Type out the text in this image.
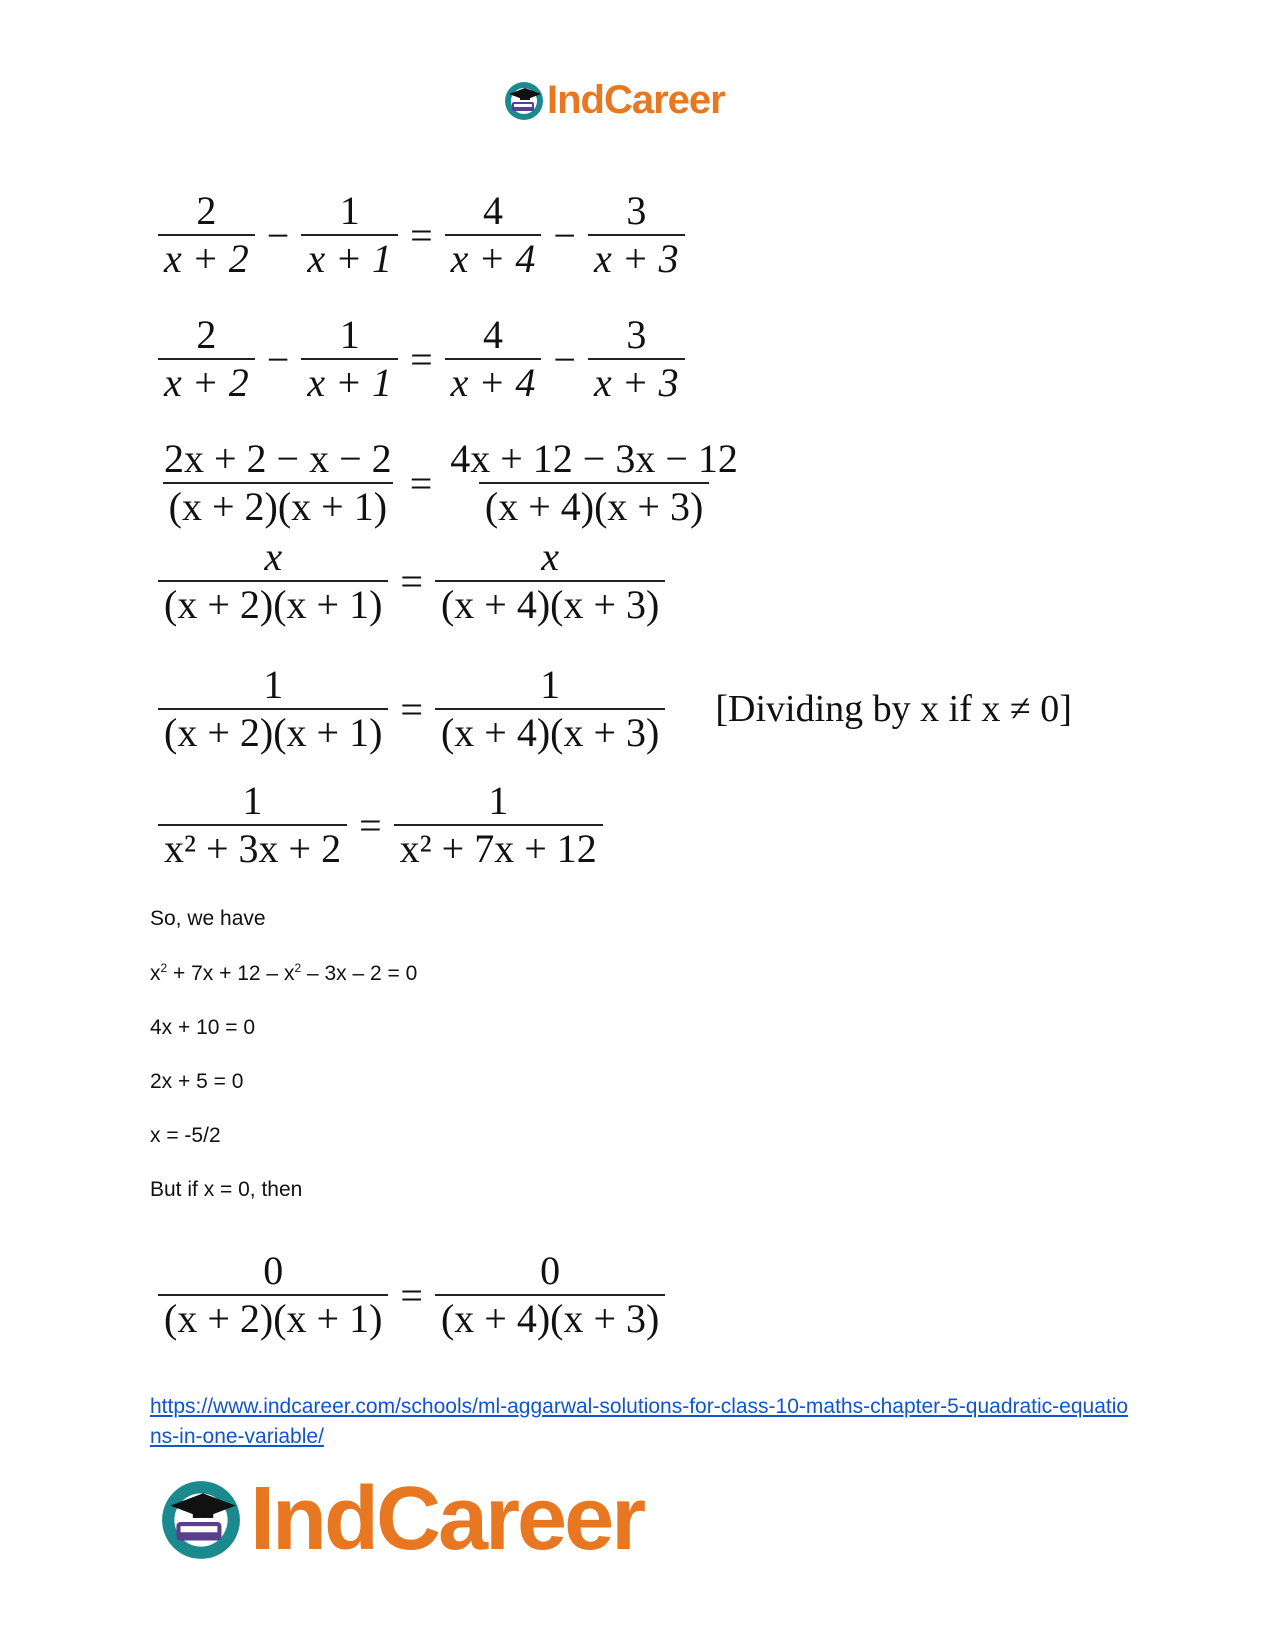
IndCareer
$\frac{2}{x + 2} - \frac{1}{x + 1} = \frac{4}{x + 4} - \frac{3}{x + 3}$
$\frac{2}{x + 2} - \frac{1}{x + 1} = \frac{4}{x + 4} - \frac{3}{x + 3}$
$\frac{2x + 2 - x - 2}{(x + 2)(x + 1)} = \frac{4x + 12 - 3x - 12}{(x + 4)(x + 3)}$
$\frac{x}{(x + 2)(x + 1)} = \frac{x}{(x + 4)(x + 3)}$
$\frac{1}{(x + 2)(x + 1)} = \frac{1}{(x + 4)(x + 3)}$ [Dividing by x if x ≠ 0]
$\frac{1}{\text{x² + 3x + 2}} = \frac{1}{\text{x² + 7x + 12}}$
$\frac{0}{(x + 2)(x + 1)} = \frac{0}{(x + 4)(x + 3)}$
So, we have
$x^2 + 7x + 12 - x^2 - 3x - 2 = 0$
4x + 10 = 0
2x + 5 = 0
x = -5/2
But if x = 0, then
https://www.indcareer.com/schools/ml-aggarwal-solutions-for-class-10-maths-chapter-5-quadratic-equations-in-one-variable/
IndCareer
